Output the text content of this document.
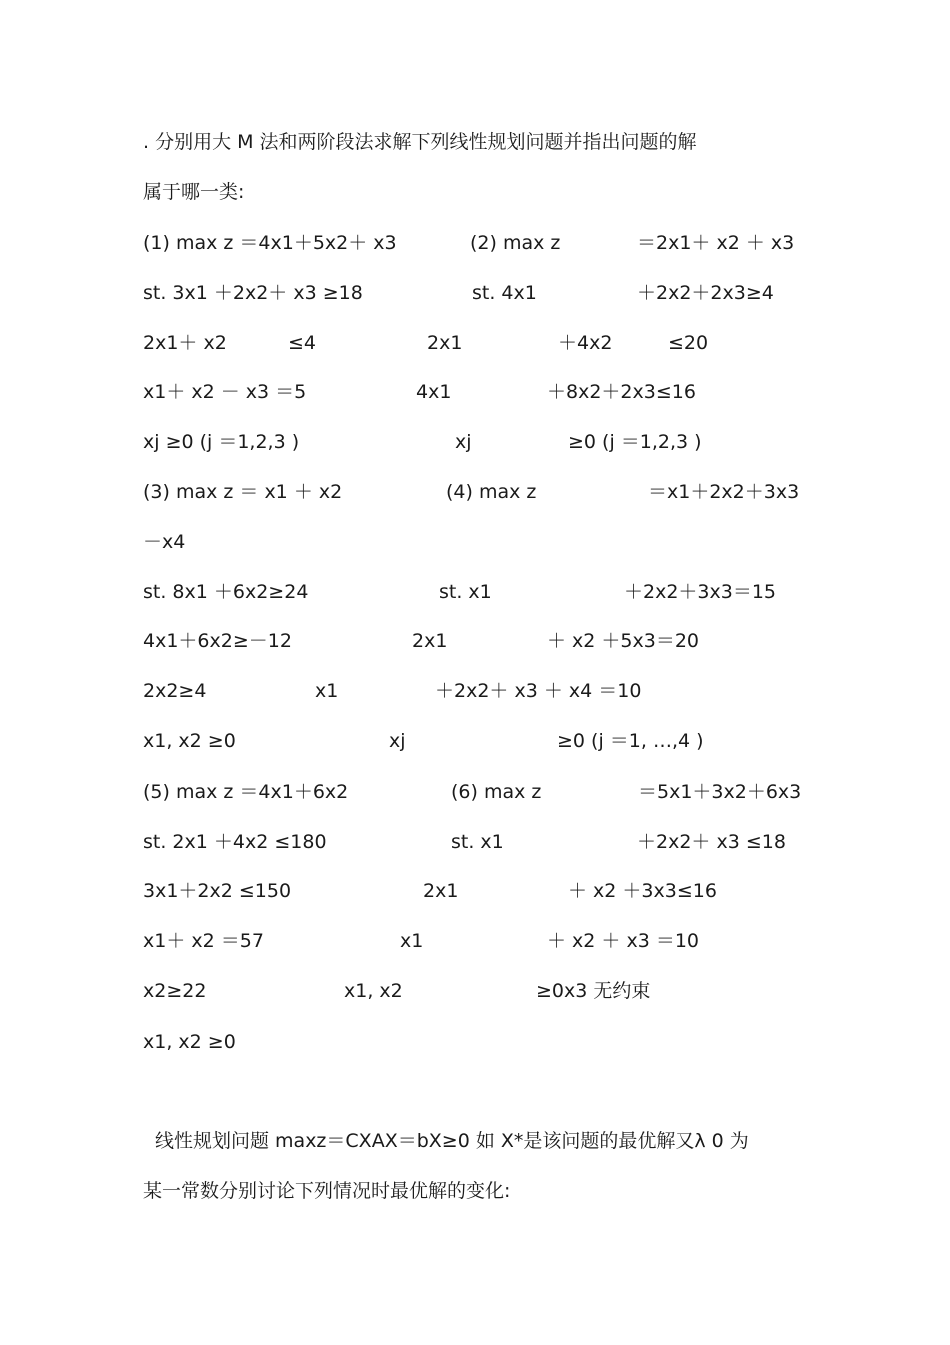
. 分别用大 M 法和两阶段法求解下列线性规划问题并指出问题的解
属于哪一类:
(1) max z ＝4x1＋5x2＋ x3	(2) max z	＝2x1＋ x2 ＋ x3
st. 3x1 ＋2x2＋ x3 ≥18	st. 4x1	＋2x2＋2x3≥4
2x1＋ x2	≤4	2x1	＋4x2	≤20
x1＋ x2 － x3 ＝5	4x1	＋8x2＋2x3≤16
xj ≥0 (j ＝1,2,3 )	xj	≥0 (j ＝1,2,3 )
(3) max z ＝ x1 ＋ x2	(4) max z	＝x1＋2x2＋3x3
－x4
st. 8x1 ＋6x2≥24	st. x1	＋2x2＋3x3＝15
4x1＋6x2≥－12	2x1	＋ x2 ＋5x3＝20
2x2≥4	x1	＋2x2＋ x3 ＋ x4 ＝10
x1, x2 ≥0	xj	≥0 (j ＝1, …,4 )
(5) max z ＝4x1＋6x2	(6) max z	＝5x1＋3x2＋6x3
st. 2x1 ＋4x2 ≤180	st. x1	＋2x2＋ x3 ≤18
3x1＋2x2 ≤150	2x1	＋ x2 ＋3x3≤16
x1＋ x2 ＝57	x1	＋ x2 ＋ x3 ＝10
x2≥22	x1, x2	≥0x3 无约束
x1, x2 ≥0
线性规划问题 maxz＝CXAX＝bX≥0 如 X*是该问题的最优解又λ 0 为
某一常数分别讨论下列情况时最优解的变化:
